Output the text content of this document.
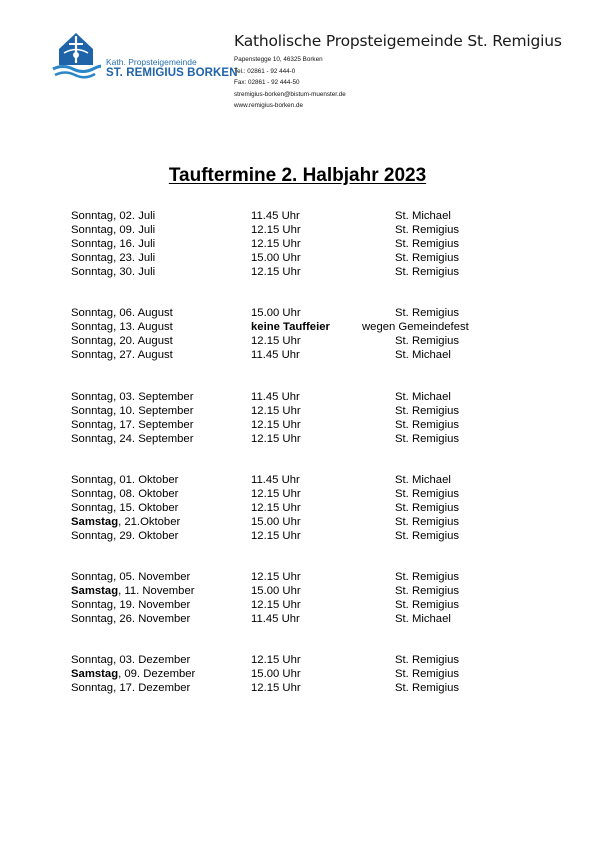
Kath. Propsteigemeinde
ST. REMIGIUS BORKEN
Katholische Propsteigemeinde St. Remigius
Papenstegge 10, 46325 Borken
Tel.: 02861 - 92 444-0
Fax: 02861 - 92 444-50
stremigius-borken@bistum-muenster.de
www.remigius-borken.de
Tauftermine 2. Halbjahr 2023
Sonntag, 02. Juli	11.45 Uhr	St. Michael
Sonntag, 09. Juli	12.15 Uhr	St. Remigius
Sonntag, 16. Juli	12.15 Uhr	St. Remigius
Sonntag, 23. Juli	15.00 Uhr	St. Remigius
Sonntag, 30. Juli	12.15 Uhr	St. Remigius
Sonntag, 06. August	15.00 Uhr	St. Remigius
Sonntag, 13. August	keine Tauffeier	wegen Gemeindefest
Sonntag, 20. August	12.15 Uhr	St. Remigius
Sonntag, 27. August	11.45 Uhr	St. Michael
Sonntag, 03. September	11.45 Uhr	St. Michael
Sonntag, 10. September	12.15 Uhr	St. Remigius
Sonntag, 17. September	12.15 Uhr	St. Remigius
Sonntag, 24. September	12.15 Uhr	St. Remigius
Sonntag, 01. Oktober	11.45 Uhr	St. Michael
Sonntag, 08. Oktober	12.15 Uhr	St. Remigius
Sonntag, 15. Oktober	12.15 Uhr	St. Remigius
Samstag, 21.Oktober	15.00 Uhr	St. Remigius
Sonntag, 29. Oktober	12.15 Uhr	St. Remigius
Sonntag, 05. November	12.15 Uhr	St. Remigius
Samstag, 11. November	15.00 Uhr	St. Remigius
Sonntag, 19. November	12.15 Uhr	St. Remigius
Sonntag, 26. November	11.45 Uhr	St. Michael
Sonntag, 03. Dezember	12.15 Uhr	St. Remigius
Samstag, 09. Dezember	15.00 Uhr	St. Remigius
Sonntag, 17. Dezember	12.15 Uhr	St. Remigius
